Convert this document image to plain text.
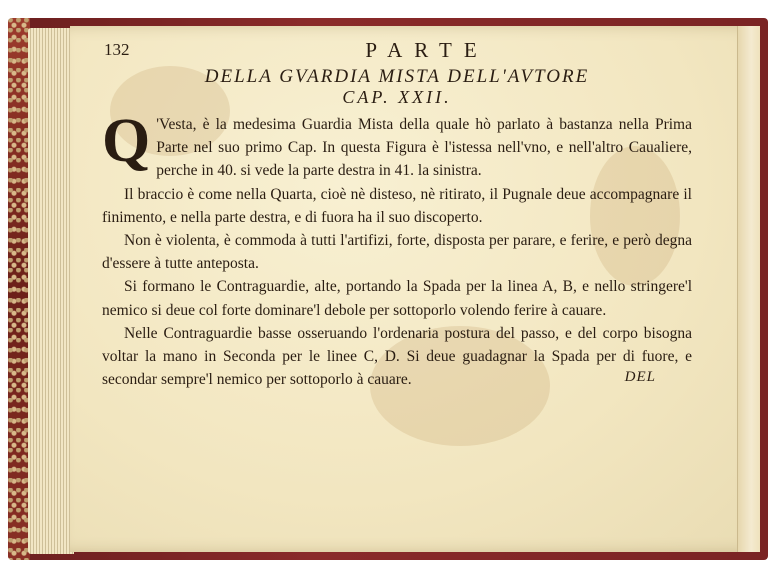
132	PARTE
DELLA GVARDIA MISTA DELL'AVTORE
CAP. XXII.

Q 'Vesta, è la medesima Guardia Mista della quale hò parlato à bastanza nella Prima Parte nel suo primo Cap. In questa Figura è l'istessa nell'vno, e nell'altro Caualiere, perche in 40. si vede la parte destra in 41. la sinistra.

Il braccio è come nella Quarta, cioè nè disteso, nè ritirato, il Pugnale deue accompagnare il finimento, e nella parte destra, e di fuora ha il suo discoperto.

Non è violenta, è commoda à tutti l'artifizi, forte, disposta per parare, e ferire, e però degna d'essere à tutte anteposta.

Si formano le Contraguardie, alte, portando la Spada per la linea A, B, e nello stringere'l nemico si deue col forte dominare'l debole per sottoporlo volendo ferire à cauare.

Nelle Contraguardie basse osseruando l'ordenaria postura del passo, e del corpo bisogna voltar la mano in Seconda per le linee C, D. Si deue guadagnar la Spada per di fuore, e secondar sempre'l nemico per sottoporlo à cauare.	DEL
